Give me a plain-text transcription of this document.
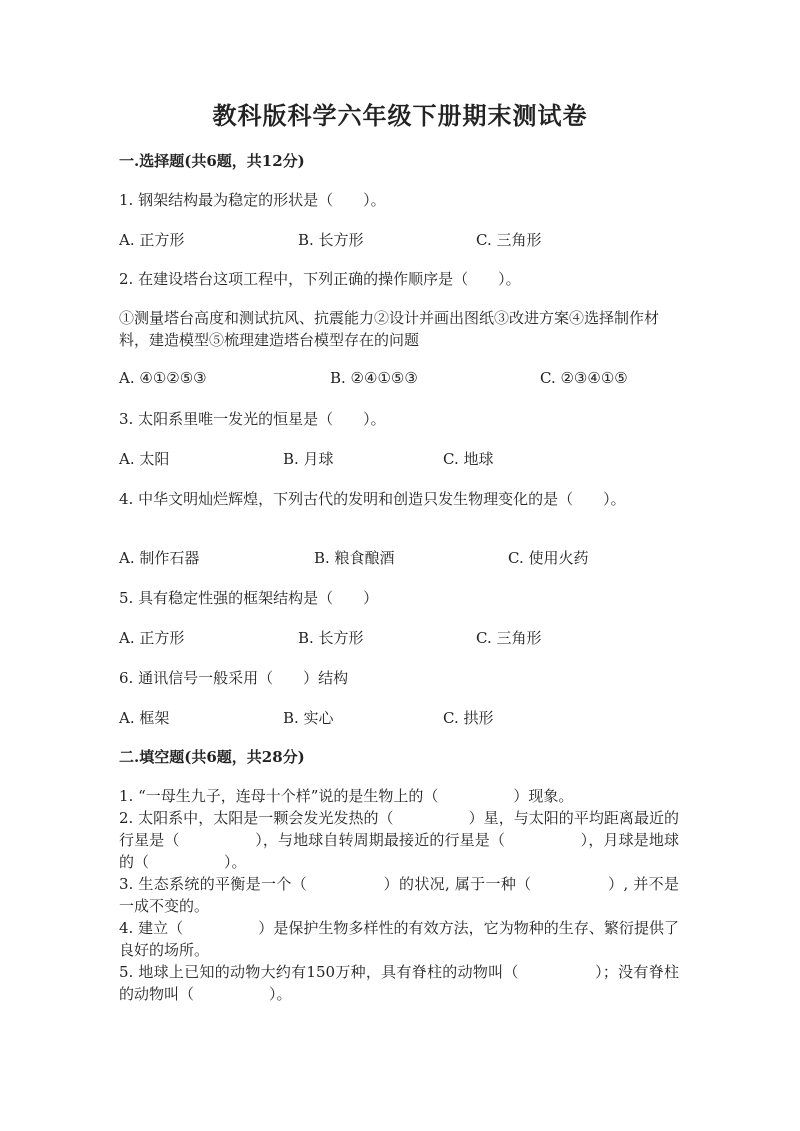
教科版科学六年级下册期末测试卷
一.选择题(共6题，共12分)
1. 钢架结构最为稳定的形状是（　　）。
A. 正方形	B. 长方形	C. 三角形
2. 在建设塔台这项工程中，下列正确的操作顺序是（　　）。
①测量塔台高度和测试抗风、抗震能力②设计并画出图纸③改进方案④选择制作材料，建造模型⑤梳理建造塔台模型存在的问题
A. ④①②⑤③	B. ②④①⑤③	C. ②③④①⑤
3. 太阳系里唯一发光的恒星是（　　）。
A. 太阳	B. 月球	C. 地球
4. 中华文明灿烂辉煌，下列古代的发明和创造只发生物理变化的是（　　）。
A. 制作石器	B. 粮食酿酒	C. 使用火药
5. 具有稳定性强的框架结构是（　　）
A. 正方形	B. 长方形	C. 三角形
6. 通讯信号一般采用（　　）结构
A. 框架	B. 实心	C. 拱形
二.填空题(共6题，共28分)

1. “一母生九子，连母十个样”说的是生物上的（　　　　　）现象。

2. 太阳系中，太阳是一颗会发光发热的（　　　　　）星，与太阳的平均距离最近的行星是（　　　　　），与地球自转周期最接近的行星是（　　　　　），月球是地球的（　　　　　）。

3. 生态系统的平衡是一个（　　　　　）的状况, 属于一种（　　　　　）, 并不是一成不变的。

4. 建立（　　　　　）是保护生物多样性的有效方法，它为物种的生存、繁衍提供了良好的场所。

5. 地球上已知的动物大约有150万种，具有脊柱的动物叫（　　　　　）；没有脊柱的动物叫（　　　　　）。
